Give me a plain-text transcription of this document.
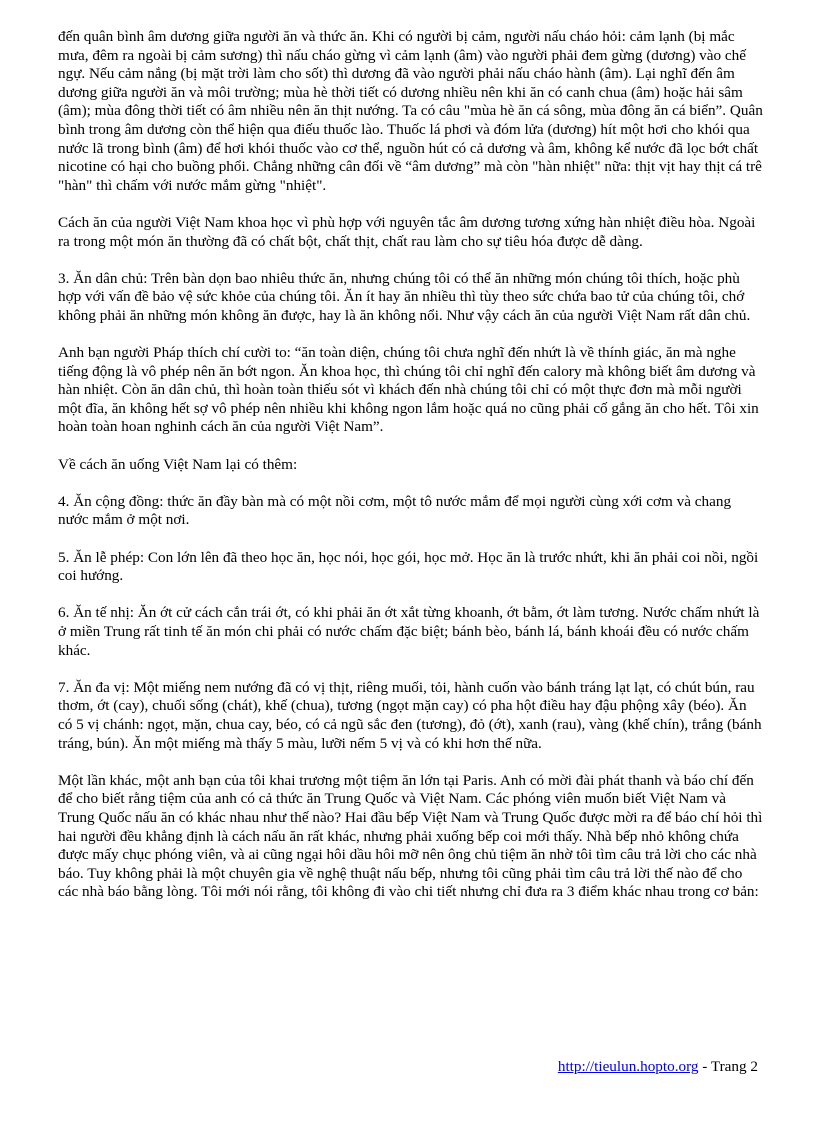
đến quân bình âm dương giữa người ăn và thức ăn. Khi có người bị cảm, người nấu cháo hỏi: cảm lạnh (bị mắc mưa, đêm ra ngoài bị cảm sương) thì nấu cháo gừng vì cảm lạnh (âm) vào người phải đem gừng (dương) vào chế ngự. Nếu cảm nắng (bị mặt trời làm cho sốt) thì dương đã vào người phải nấu cháo hành (âm). Lại nghĩ đến âm dương giữa người ăn và môi trường; mùa hè thời tiết có dương nhiều nên khi ăn có canh chua (âm) hoặc hải sâm (âm); mùa đông thời tiết có âm nhiều nên ăn thịt nướng. Ta có câu "mùa hè ăn cá sông, mùa đông ăn cá biển”. Quân bình trong âm dương còn thể hiện qua điếu thuốc lào. Thuốc lá phơi và đóm lửa (dương) hít một hơi cho khói qua nước lã trong bình (âm) để hơi khói thuốc vào cơ thể, nguồn hút có cả dương và âm, không kể nước đã lọc bớt chất nicotine có hại cho buồng phổi. Chẳng những cân đối về “âm dương” mà còn "hàn nhiệt" nữa: thịt vịt hay thịt cá trê "hàn" thì chấm với nước mắm gừng "nhiệt".

Cách ăn của người Việt Nam khoa học vì phù hợp với nguyên tắc âm dương tương xứng hàn nhiệt điều hòa. Ngoài ra trong một món ăn thường đã có chất bột, chất thịt, chất rau làm cho sự tiêu hóa được dễ dàng.

3. Ăn dân chủ: Trên bàn dọn bao nhiêu thức ăn, nhưng chúng tôi có thể ăn những món chúng tôi thích, hoặc phù hợp với vấn đề bảo vệ sức khỏe của chúng tôi. Ăn ít hay ăn nhiều thì tùy theo sức chứa bao tử của chúng tôi, chớ không phải ăn những món không ăn được, hay là ăn không nổi. Như vậy cách ăn của người Việt Nam rất dân chủ.

Anh bạn người Pháp thích chí cười to: “ăn toàn diện, chúng tôi chưa nghĩ đến nhứt là về thính giác, ăn mà nghe tiếng động là vô phép nên ăn bớt ngon. Ăn khoa học, thì chúng tôi chỉ nghĩ đến calory mà không biết âm dương và hàn nhiệt. Còn ăn dân chủ, thì hoàn toàn thiếu sót vì khách đến nhà chúng tôi chỉ có một thực đơn mà mỗi người một đĩa, ăn không hết sợ vô phép nên nhiều khi không ngon lắm hoặc quá no cũng phải cố gắng ăn cho hết. Tôi xin hoàn toàn hoan nghinh cách ăn của người Việt Nam”.

Về cách ăn uống Việt Nam lại có thêm:

4. Ăn cộng đồng: thức ăn đầy bàn mà có một nồi cơm, một tô nước mắm để mọi người cùng xới cơm và chang nước mắm ở một nơi.

5. Ăn lễ phép: Con lớn lên đã theo học ăn, học nói, học gói, học mở. Học ăn là trước nhứt, khi ăn phải coi nồi, ngồi coi hướng.

6. Ăn tế nhị: Ăn ớt cử cách cắn trái ớt, có khi phải ăn ớt xắt từng khoanh, ớt bằm, ớt làm tương. Nước chấm nhứt là ở miền Trung rất tinh tế ăn món chi phải có nước chấm đặc biệt; bánh bèo, bánh lá, bánh khoái đều có nước chấm khác.

7. Ăn đa vị: Một miếng nem nướng đã có vị thịt, riêng muối, tỏi, hành cuốn vào bánh tráng lạt lạt, có chút bún, rau thơm, ớt (cay), chuối sống (chát), khế (chua), tương (ngọt mặn cay) có pha hột điều hay đậu phộng xây (béo). Ăn có 5 vị chánh: ngọt, mặn, chua cay, béo, có cả ngũ sắc đen (tương), đỏ (ớt), xanh (rau), vàng (khế chín), trắng (bánh tráng, bún). Ăn một miếng mà thấy 5 màu, lưỡi nếm 5 vị và có khi hơn thế nữa.

Một lần khác, một anh bạn của tôi khai trương một tiệm ăn lớn tại Paris. Anh có mời đài phát thanh và báo chí đến để cho biết rằng tiệm của anh có cả thức ăn Trung Quốc và Việt Nam. Các phóng viên muốn biết Việt Nam và Trung Quốc nấu ăn có khác nhau như thế nào? Hai đầu bếp Việt Nam và Trung Quốc được mời ra để báo chí hỏi thì hai người đều khẳng định là cách nấu ăn rất khác, nhưng phải xuống bếp coi mới thấy. Nhà bếp nhỏ không chứa được mấy chục phóng viên, và ai cũng ngại hôi dầu hôi mỡ nên ông chủ tiệm ăn nhờ tôi tìm câu trả lời cho các nhà báo. Tuy không phải là một chuyên gia về nghệ thuật nấu bếp, nhưng tôi cũng phải tìm câu trả lời thế nào để cho các nhà báo bằng lòng. Tôi mới nói rằng, tôi không đi vào chi tiết nhưng chỉ đưa ra 3 điểm khác nhau trong cơ bản:

http://tieulun.hopto.org - Trang 2
